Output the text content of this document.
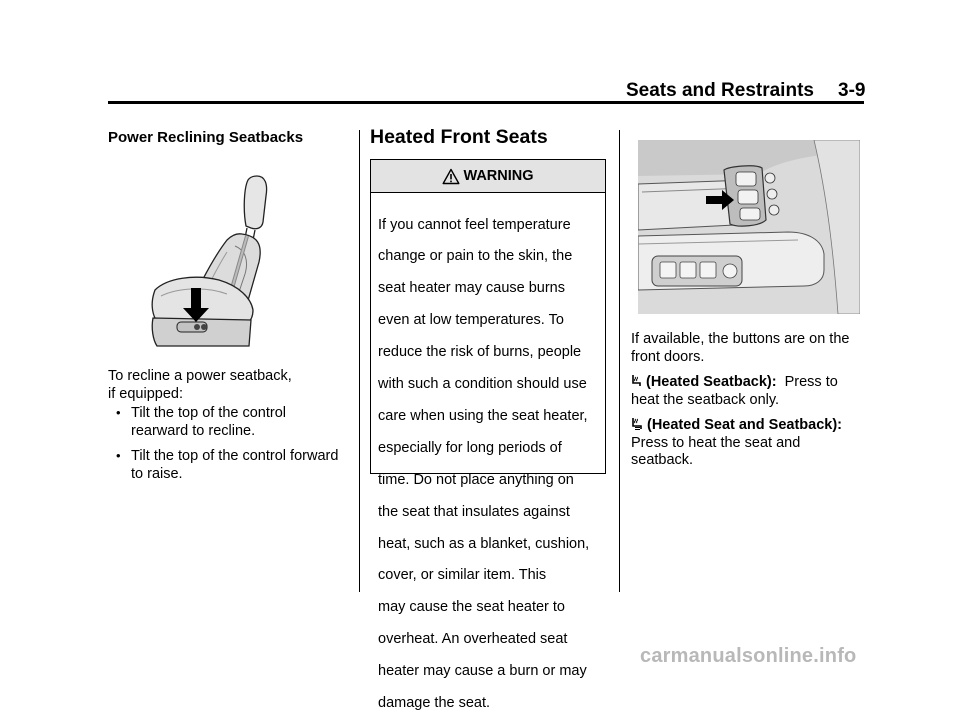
Seats and Restraints 3-9
Power Reclining Seatbacks

To recline a power seatback,

if equipped:

• Tilt the top of the control

rearward to recline.

• Tilt the top of the control forward

to raise.

Heated Front Seats
WARNING

If you cannot feel temperature

change or pain to the skin, the

seat heater may cause burns

even at low temperatures. To

reduce the risk of burns, people

with such a condition should use

care when using the seat heater,

especially for long periods of

time. Do not place anything on

the seat that insulates against

heat, such as a blanket, cushion,

cover, or similar item. This

may cause the seat heater to

overheat. An overheated seat

heater may cause a burn or may

damage the seat.

If available, the buttons are on the

front doors.

(Heated Seatback): Press to

heat the seatback only.

(Heated Seat and Seatback):

Press to heat the seat and

seatback.

carmanualsonline.info
